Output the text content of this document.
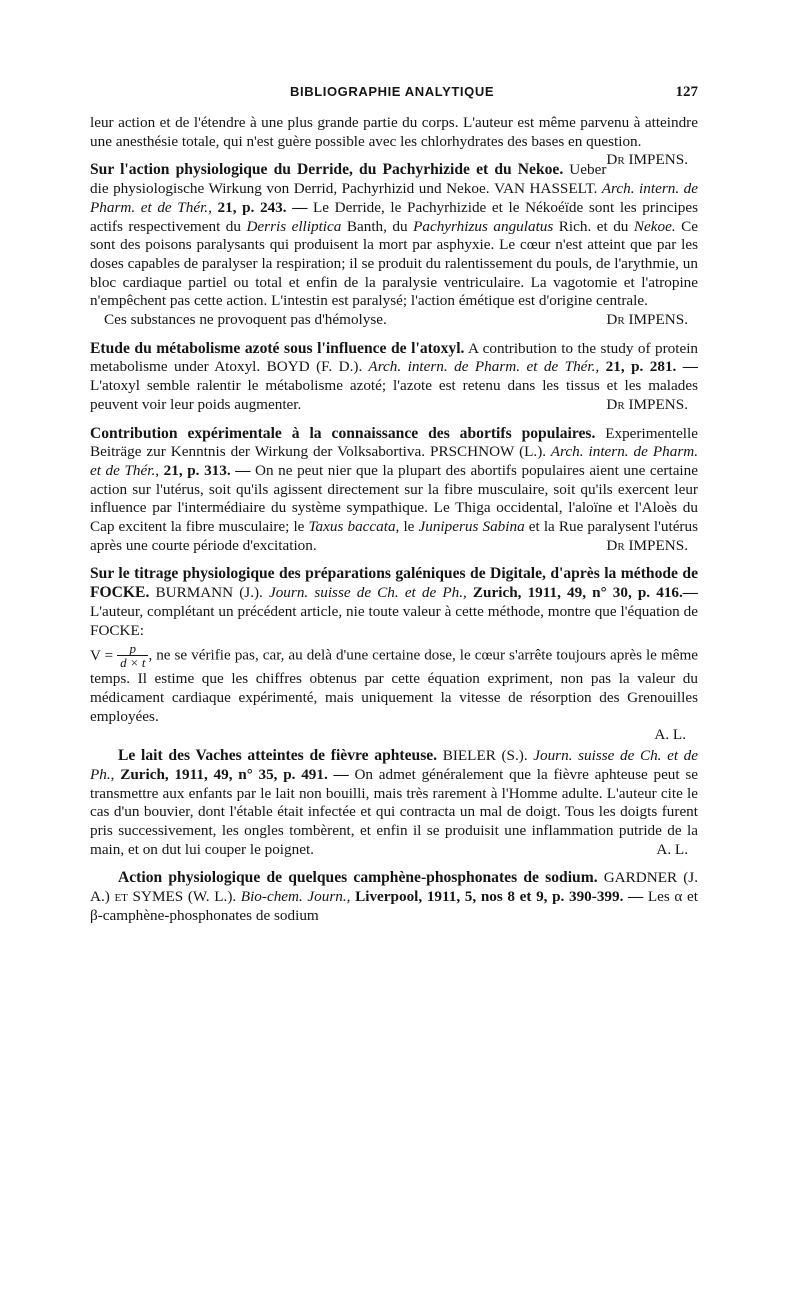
BIBLIOGRAPHIE ANALYTIQUE	127

leur action et de l'étendre à une plus grande partie du corps. L'auteur est même parvenu à atteindre une anesthésie totale, qui n'est guère possible avec les chlorhydrates des bases en question.
Dr IMPENS.

Sur l'action physiologique du Derride, du Pachyrhizide et du Nekoe. Ueber die physiologische Wirkung von Derrid, Pachyrhizid und Nekoe. VAN HASSELT. Arch. intern. de Pharm. et de Thér., 21, p. 243. — Le Derride, le Pachyrhizide et le Nékoéïde sont les principes actifs respectivement du Derris elliptica Banth, du Pachyrhizus angulatus Rich. et du Nekoe. Ce sont des poisons paralysants qui produisent la mort par asphyxie. Le cœur n'est atteint que par les doses capables de paralyser la respiration; il se produit du ralentissement du pouls, de l'arythmie, un bloc cardiaque partiel ou total et enfin de la paralysie ventriculaire. La vagotomie et l'atropine n'empêchent pas cette action. L'intestin est paralysé; l'action émétique est d'origine centrale.

Ces substances ne provoquent pas d'hémolyse.	Dr IMPENS.

Etude du métabolisme azoté sous l'influence de l'atoxyl. A contribution to the study of protein metabolisme under Atoxyl. BOYD (F. D.). Arch. intern. de Pharm. et de Thér., 21, p. 281. — L'atoxyl semble ralentir le métabolisme azoté; l'azote est retenu dans les tissus et les malades peuvent voir leur poids augmenter.	Dr IMPENS.

Contribution expérimentale à la connaissance des abortifs populaires. Experimentelle Beiträge zur Kenntnis der Wirkung der Volksabortiva. PRSCHNOW (L.). Arch. intern. de Pharm. et de Thér., 21, p. 313. — On ne peut nier que la plupart des abortifs populaires aient une certaine action sur l'utérus, soit qu'ils agissent directement sur la fibre musculaire, soit qu'ils exercent leur influence par l'intermédiaire du système sympathique. Le Thiga occidental, l'aloïne et l'Aloès du Cap excitent la fibre musculaire; le Taxus baccata, le Juniperus Sabina et la Rue paralysent l'utérus après une courte période d'excitation.	Dr IMPENS.

Sur le titrage physiologique des préparations galéniques de Digitale, d'après la méthode de FOCKE. BURMANN (J.). Journ. suisse de Ch. et de Ph., Zurich, 1911, 49, n° 30, p. 416.— L'auteur, complétant un précédent article, nie toute valeur à cette méthode, montre que l'équation de FOCKE:

$V = \frac{p}{d \times t}$ , ne se vérifie pas, car, au delà d'une certaine dose, le cœur s'arrête toujours après le même temps. Il estime que les chiffres obtenus par cette équation expriment, non pas la valeur du médicament cardiaque expérimenté, mais uniquement la vitesse de résorption des Grenouilles employées.

A. L.

Le lait des Vaches atteintes de fièvre aphteuse. BIELER (S.). Journ. suisse de Ch. et de Ph., Zurich, 1911, 49, n° 35, p. 491. — On admet généralement que la fièvre aphteuse peut se transmettre aux enfants par le lait non bouilli, mais très rarement à l'Homme adulte. L'auteur cite le cas d'un bouvier, dont l'étable était infectée et qui contracta un mal de doigt. Tous les doigts furent pris successivement, les ongles tombèrent, et enfin il se produisit une inflammation putride de la main, et on dut lui couper le poignet.	A. L.

Action physiologique de quelques camphène-phosphonates de sodium. GARDNER (J. A.) et SYMES (W. L.). Bio-chem. Journ., Liverpool, 1911, 5, nos 8 et 9, p. 390-399. — Les α et β-camphène-phosphonates de sodium
